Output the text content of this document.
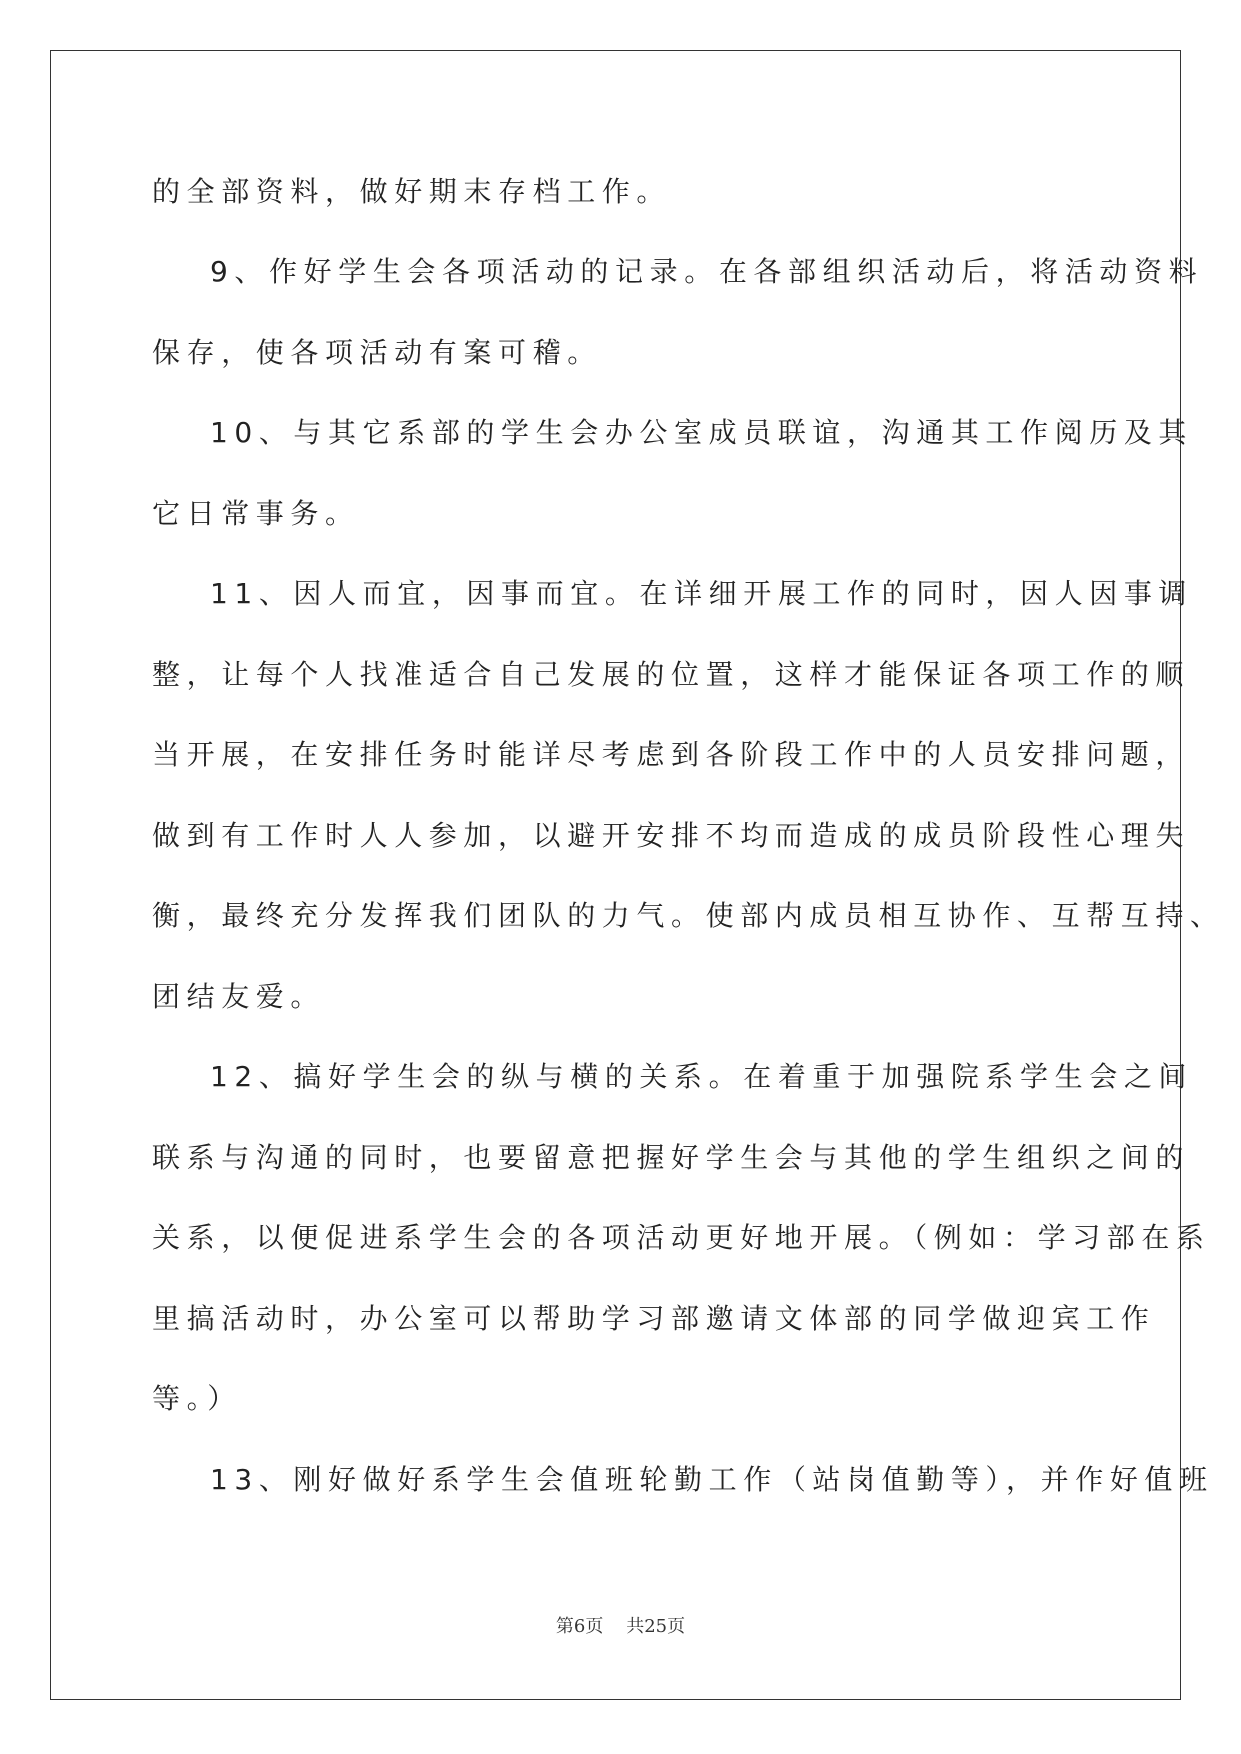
的全部资料，做好期末存档工作。

9、作好学生会各项活动的记录。在各部组织活动后，将活动资料

保存，使各项活动有案可稽。

10、与其它系部的学生会办公室成员联谊，沟通其工作阅历及其

它日常事务。

11、因人而宜，因事而宜。在详细开展工作的同时，因人因事调

整，让每个人找准适合自己发展的位置，这样才能保证各项工作的顺

当开展，在安排任务时能详尽考虑到各阶段工作中的人员安排问题，

做到有工作时人人参加，以避开安排不均而造成的成员阶段性心理失

衡，最终充分发挥我们团队的力气。使部内成员相互协作、互帮互持、

团结友爱。

12、搞好学生会的纵与横的关系。在着重于加强院系学生会之间

联系与沟通的同时，也要留意把握好学生会与其他的学生组织之间的

关系，以便促进系学生会的各项活动更好地开展。（例如：学习部在系

里搞活动时，办公室可以帮助学习部邀请文体部的同学做迎宾工作

等。）

13、刚好做好系学生会值班轮勤工作（站岗值勤等），并作好值班

第6页    共25页
